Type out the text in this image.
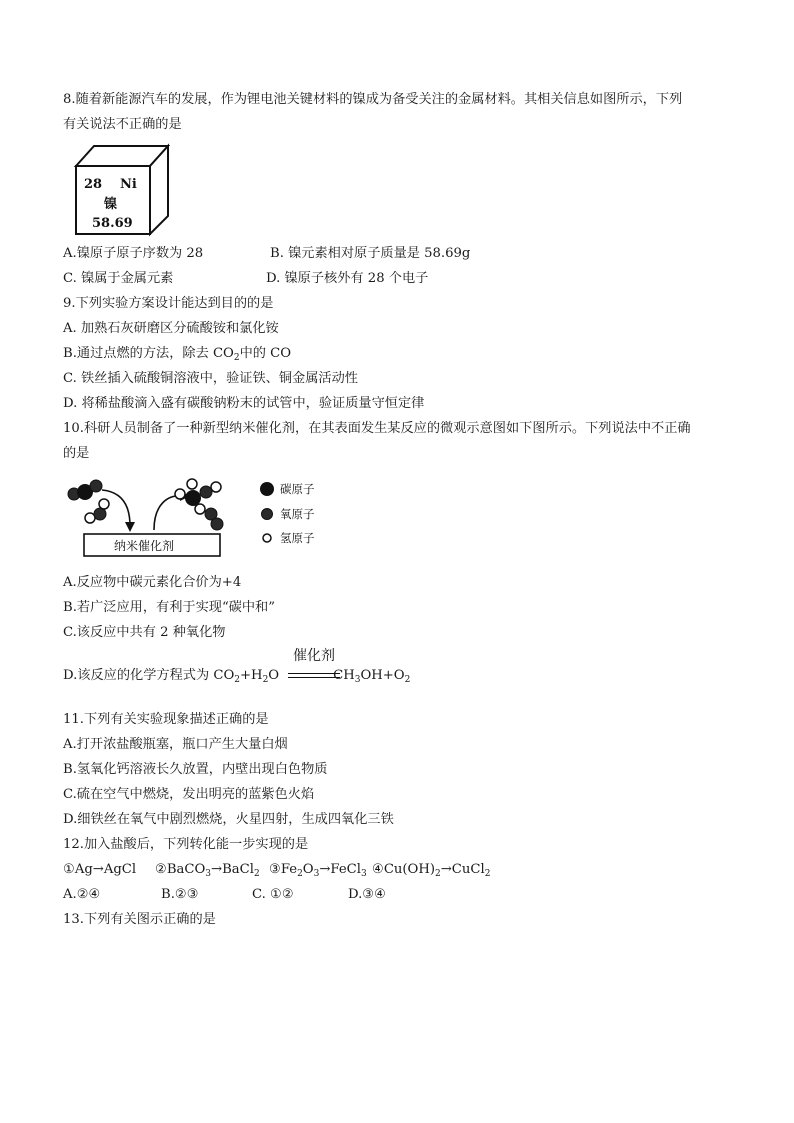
8.随着新能源汽车的发展，作为锂电池关键材料的镍成为备受关注的金属材料。其相关信息如图所示，下列
有关说法不正确的是
28 Ni
镍
58.69
A.镍原子原子序数为 28	B. 镍元素相对原子质量是 58.69g
C. 镍属于金属元素	D. 镍原子核外有 28 个电子
9.下列实验方案设计能达到目的的是
A. 加熟石灰研磨区分硫酸铵和氯化铵
B.通过点燃的方法，除去 $CO_2$中的 CO
C. 铁丝插入硫酸铜溶液中，验证铁、铜金属活动性
D. 将稀盐酸滴入盛有碳酸钠粉末的试管中，验证质量守恒定律
10.科研人员制备了一种新型纳米催化剂，在其表面发生某反应的微观示意图如下图所示。下列说法中不正确
的是
纳米催化剂
碳原子
氧原子
氢原子
A.反应物中碳元素化合价为+4
B.若广泛应用，有利于实现“碳中和”
C.该反应中共有 2 种氧化物
D.该反应的化学方程式为 $CO_2+H_2O$	$CH_3OH+O_2$
催化剂
11.下列有关实验现象描述正确的是
A.打开浓盐酸瓶塞，瓶口产生大量白烟
B.氢氧化钙溶液长久放置，内壁出现白色物质
C.硫在空气中燃烧，发出明亮的蓝紫色火焰
D.细铁丝在氧气中剧烈燃烧，火星四射，生成四氧化三铁
12.加入盐酸后，下列转化能一步实现的是
①Ag→AgCl ②BaCO$_3$→BaCl$_2$ $③Fe_2O_3\to FeCl_3$ $④Cu(OH)_2\to CuCl_2$
A.②④	B.②③	C. ①②	D.③④
13.下列有关图示正确的是
